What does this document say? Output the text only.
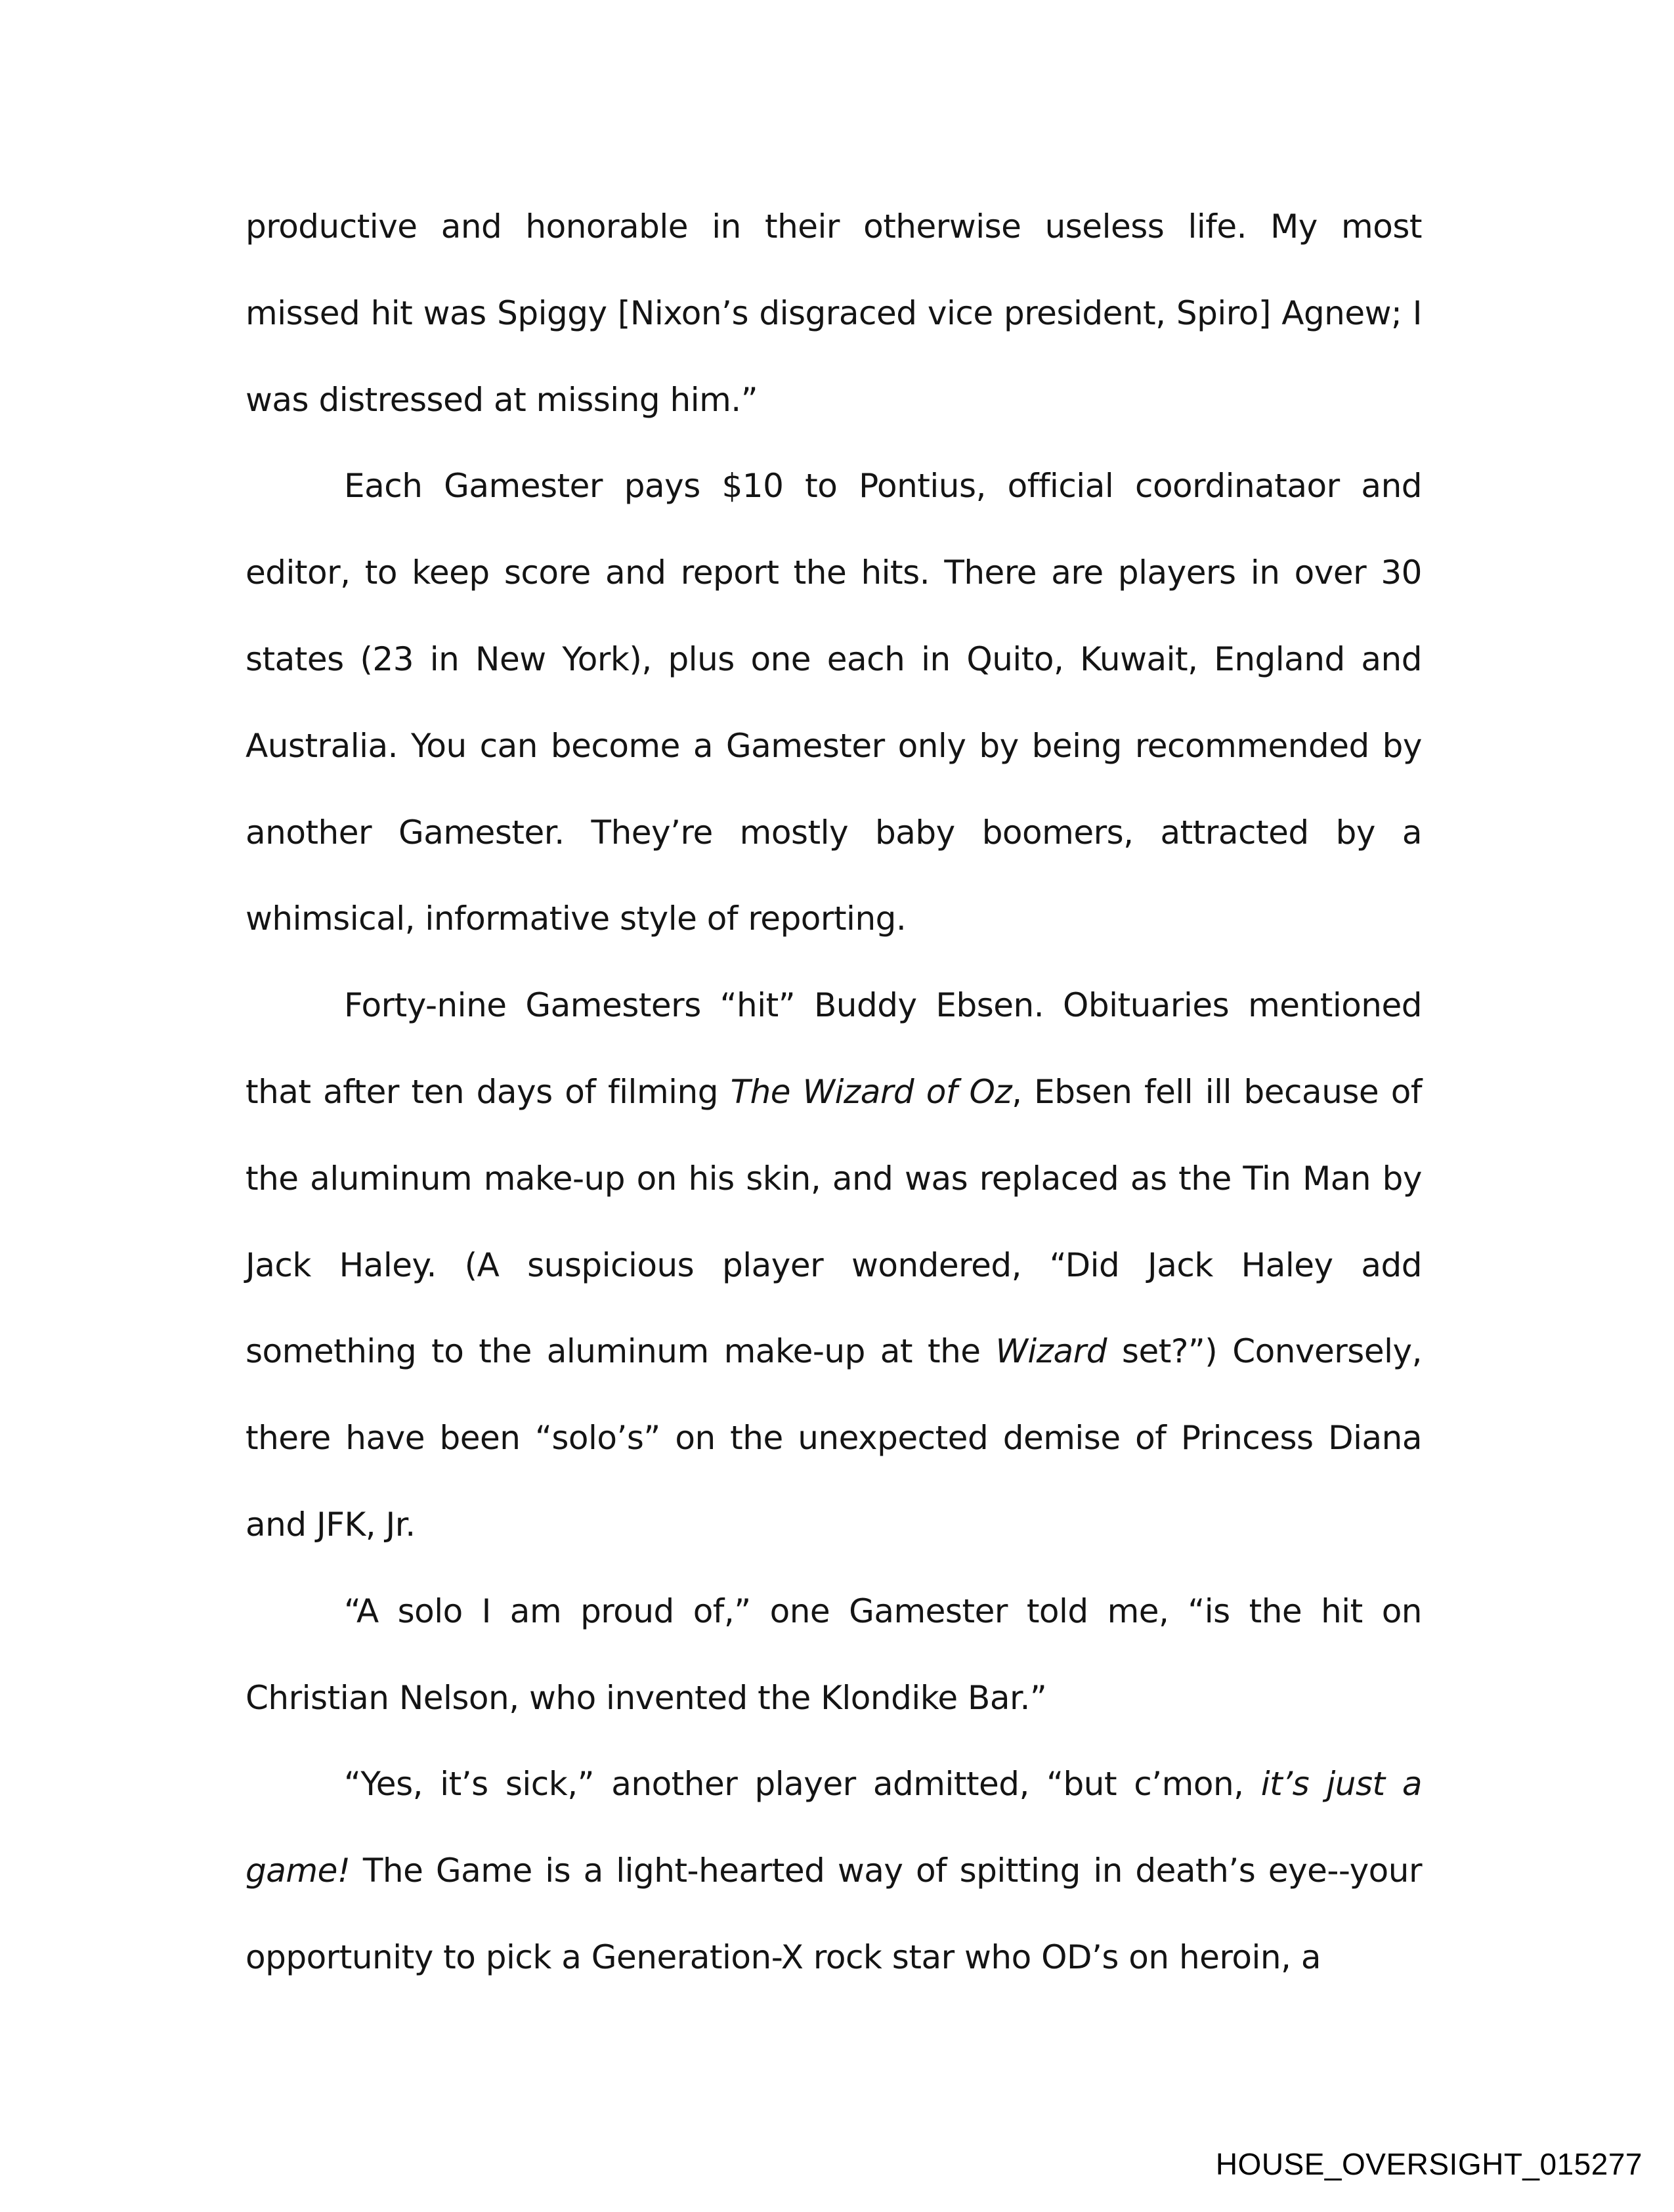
productive and honorable in their otherwise useless life. My most missed hit was Spiggy [Nixon’s disgraced vice president, Spiro] Agnew; I was distressed at missing him.”

Each Gamester pays $10 to Pontius, official coordinataor and editor, to keep score and report the hits. There are players in over 30 states (23 in New York), plus one each in Quito, Kuwait, England and Australia. You can become a Gamester only by being recommended by another Gamester. They’re mostly baby boomers, attracted by a whimsical, informative style of reporting.

Forty-nine Gamesters “hit” Buddy Ebsen. Obituaries mentioned that after ten days of filming The Wizard of Oz, Ebsen fell ill because of the aluminum make-up on his skin, and was replaced as the Tin Man by Jack Haley. (A suspicious player wondered, “Did Jack Haley add something to the aluminum make-up at the Wizard set?”) Conversely, there have been “solo’s” on the unexpected demise of Princess Diana and JFK, Jr.

“A solo I am proud of,” one Gamester told me, “is the hit on Christian Nelson, who invented the Klondike Bar.”

“Yes, it’s sick,” another player admitted, “but c’mon, it’s just a game! The Game is a light-hearted way of spitting in death’s eye--your opportunity to pick a Generation-X rock star who OD’s on heroin, a

HOUSE_OVERSIGHT_015277
